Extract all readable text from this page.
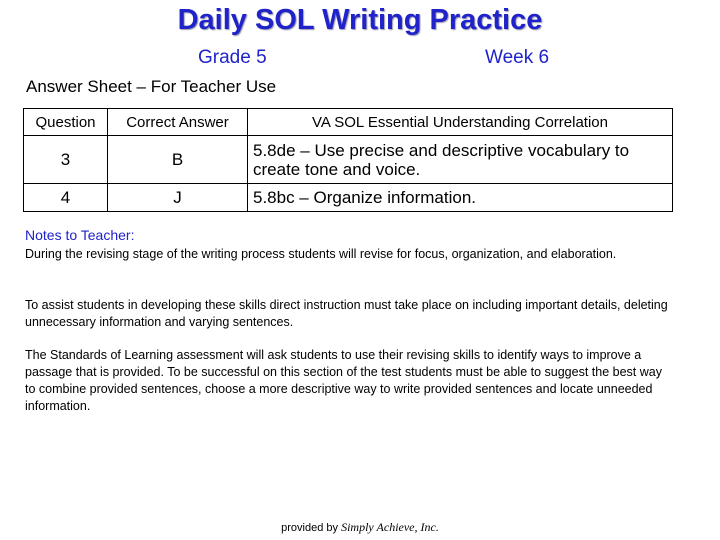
Daily SOL Writing Practice
Grade 5	Week 6
Answer Sheet – For Teacher Use
Question	Correct Answer	VA SOL Essential Understanding Correlation
3	B	5.8de – Use precise and descriptive vocabulary to create tone and voice.
4	J	5.8bc – Organize information.
Notes to Teacher:
During the revising stage of the writing process students will revise for focus, organization, and elaboration.
To assist students in developing these skills direct instruction must take place on including important details, deleting unnecessary information and varying sentences.
The Standards of Learning assessment will ask students to use their revising skills to identify ways to improve a passage that is provided. To be successful on this section of the test students must be able to suggest the best way to combine provided sentences, choose a more descriptive way to write provided sentences and locate unneeded information.
provided by Simply Achieve, Inc.
